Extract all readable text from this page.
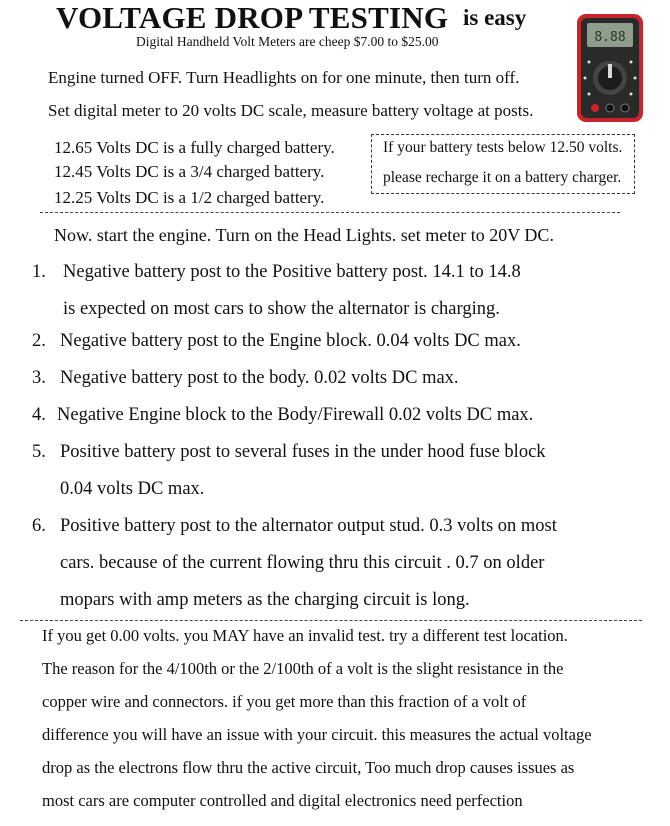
VOLTAGE DROP TESTING is easy
Digital Handheld Volt Meters are cheep $7.00 to $25.00	8.88
Engine turned OFF. Turn Headlights on for one minute, then turn off.
Set digital meter to 20 volts DC scale, measure battery voltage at posts.
12.65 Volts DC is a fully charged battery.
12.45 Volts DC is a 3/4 charged battery.
12.25 Volts DC is a 1/2 charged battery.
If your battery tests below 12.50 volts.
please recharge it on a battery charger.
Now. start the engine. Turn on the Head Lights. set meter to 20V DC.
1. Negative battery post to the Positive battery post. 14.1 to 14.8
is expected on most cars to show the alternator is charging.
2. Negative battery post to the Engine block. 0.04 volts DC max.
3. Negative battery post to the body. 0.02 volts DC max.
4. Negative Engine block to the Body/Firewall 0.02 volts DC max.
5. Positive battery post to several fuses in the under hood fuse block
0.04 volts DC max.
6. Positive battery post to the alternator output stud. 0.3 volts on most
cars. because of the current flowing thru this circuit . 0.7 on older
mopars with amp meters as the charging circuit is long.
If you get 0.00 volts. you MAY have an invalid test. try a different test location.
The reason for the 4/100th or the 2/100th of a volt is the slight resistance in the
copper wire and connectors. if you get more than this fraction of a volt of
difference you will have an issue with your circuit. this measures the actual voltage
drop as the electrons flow thru the active circuit, Too much drop causes issues as
most cars are computer controlled and digital electronics need perfection
